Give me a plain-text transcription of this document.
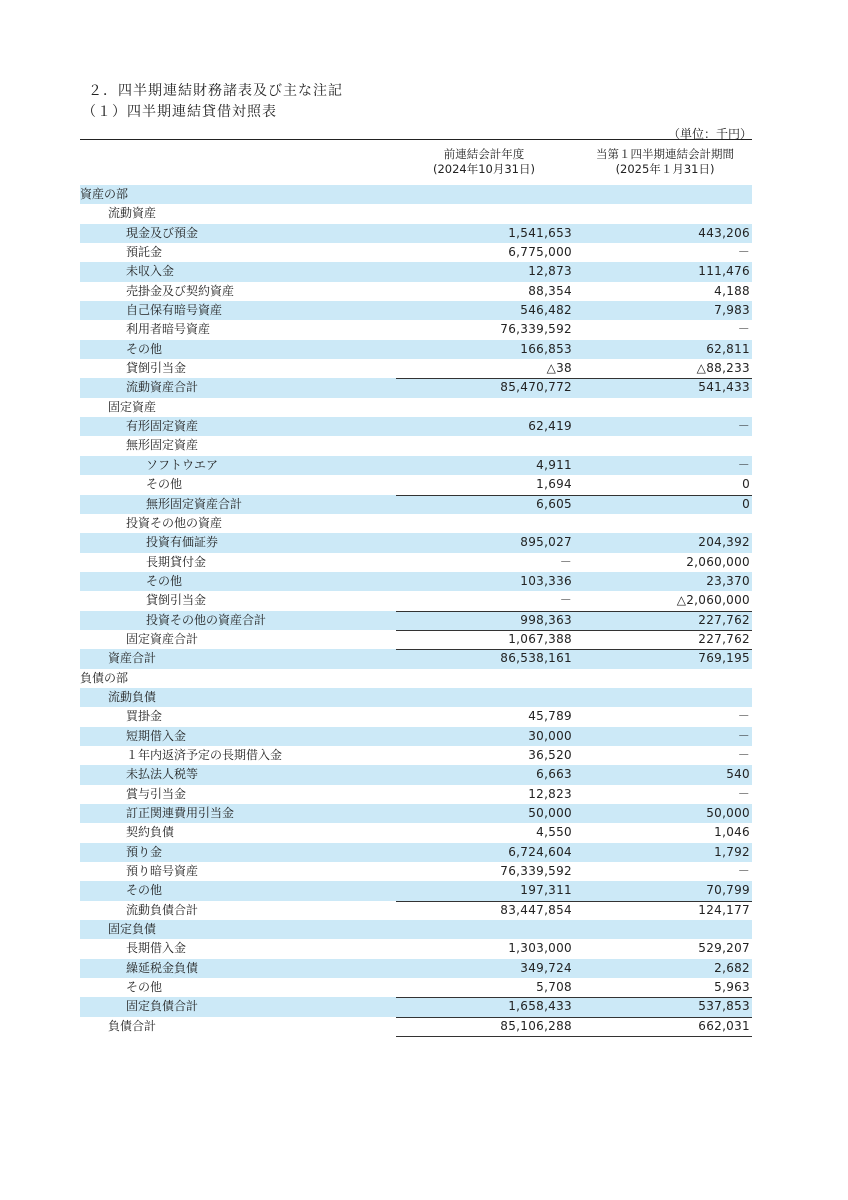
２．四半期連結財務諸表及び主な注記
（１）四半期連結貸借対照表
（単位：千円）
前連結会計年度
(2024年10月31日)
当第１四半期連結会計期間
(2025年１月31日)
資産の部
流動資産
現金及び預金	1,541,653	443,206
預託金	6,775,000	－
未収入金	12,873	111,476
売掛金及び契約資産	88,354	4,188
自己保有暗号資産	546,482	7,983
利用者暗号資産	76,339,592	－
その他	166,853	62,811
貸倒引当金	△38	△88,233
流動資産合計	85,470,772	541,433
固定資産
有形固定資産	62,419	－
無形固定資産
ソフトウエア	4,911	－
その他	1,694	0
無形固定資産合計	6,605	0
投資その他の資産
投資有価証券	895,027	204,392
長期貸付金	－	2,060,000
その他	103,336	23,370
貸倒引当金	－	△2,060,000
投資その他の資産合計	998,363	227,762
固定資産合計	1,067,388	227,762
資産合計	86,538,161	769,195
負債の部
流動負債
買掛金	45,789	－
短期借入金	30,000	－
１年内返済予定の長期借入金	36,520	－
未払法人税等	6,663	540
賞与引当金	12,823	－
訂正関連費用引当金	50,000	50,000
契約負債	4,550	1,046
預り金	6,724,604	1,792
預り暗号資産	76,339,592	－
その他	197,311	70,799
流動負債合計	83,447,854	124,177
固定負債
長期借入金	1,303,000	529,207
繰延税金負債	349,724	2,682
その他	5,708	5,963
固定負債合計	1,658,433	537,853
負債合計	85,106,288	662,031
